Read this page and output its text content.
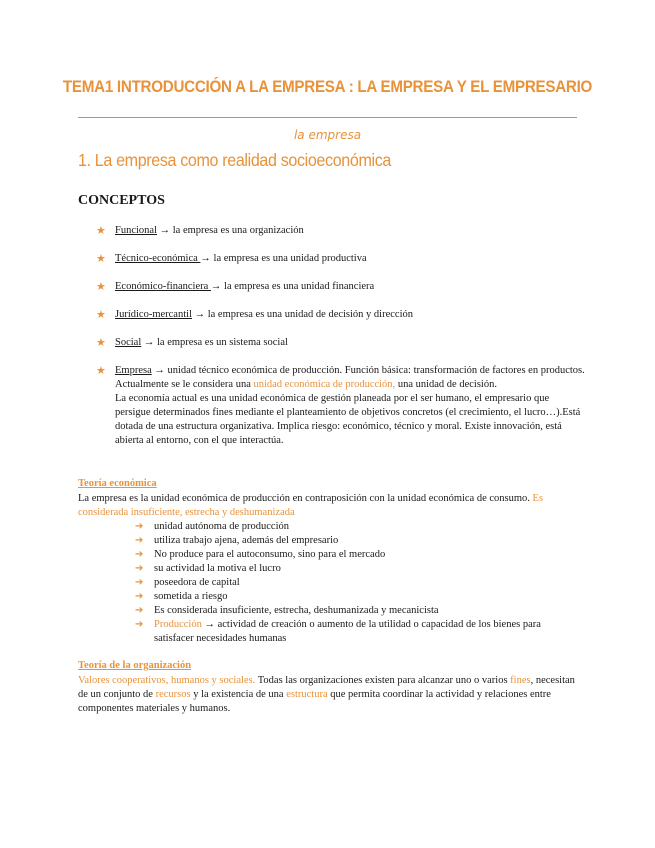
TEMA1 INTRODUCCIÓN A LA EMPRESA : LA EMPRESA Y EL EMPRESARIO
la empresa
1. La empresa como realidad socioeconómica
CONCEPTOS
★ Funcional → la empresa es una organización
★ Técnico-económica → la empresa es una unidad productiva
★ Económico-financiera → la empresa es una unidad financiera
★ Jurídico-mercantil → la empresa es una unidad de decisión y dirección
★ Social → la empresa es un sistema social
★ Empresa → unidad técnico económica de producción. Función básica: transformación de factores en productos.
Actualmente se le considera una unidad económica de producción, una unidad de decisión.
La economía actual es una unidad económica de gestión planeada por el ser humano, el empresario que persigue determinados fines mediante el planteamiento de objetivos concretos (el crecimiento, el lucro…).Está dotada de una estructura organizativa. Implica riesgo: económico, técnico y moral. Existe innovación, está abierta al entorno, con el que interactúa.
Teoría económica
La empresa es la unidad económica de producción en contraposición con la unidad económica de consumo. Es considerada insuficiente, estrecha y deshumanizada
➔ unidad autónoma de producción
➔ utiliza trabajo ajena, además del empresario
➔ No produce para el autoconsumo, sino para el mercado
➔ su actividad la motiva el lucro
➔ poseedora de capital
➔ sometida a riesgo
➔ Es considerada insuficiente, estrecha, deshumanizada y mecanicista
➔ Producción → actividad de creación o aumento de la utilidad o capacidad de los bienes para satisfacer necesidades humanas
Teoría de la organización
Valores cooperativos, humanos y sociales. Todas las organizaciones existen para alcanzar uno o varios fines, necesitan de un conjunto de recursos y la existencia de una estructura que permita coordinar la actividad y relaciones entre componentes materiales y humanos.
